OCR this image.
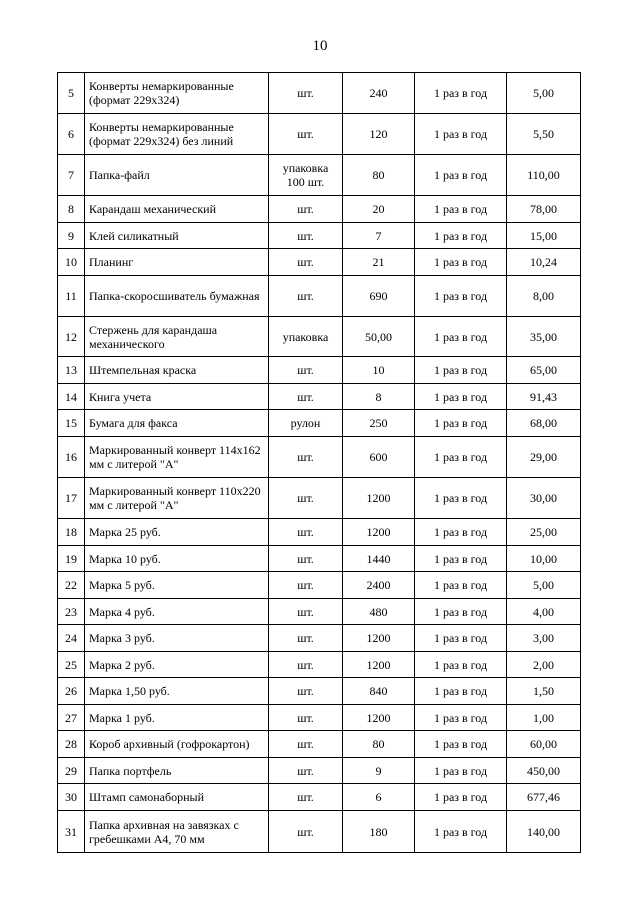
10
5	Конверты немаркированные (формат 229х324)	шт.	240	1 раз в год	5,00
6	Конверты немаркированные (формат 229х324) без линий	шт.	120	1 раз в год	5,50
7	Папка-файл	упаковка 100 шт.	80	1 раз в год	110,00
8	Карандаш механический	шт.	20	1 раз в год	78,00
9	Клей силикатный	шт.	7	1 раз в год	15,00
10	Планинг	шт.	21	1 раз в год	10,24
11	Папка-скоросшиватель бумажная	шт.	690	1 раз в год	8,00
12	Стержень для карандаша механического	упаковка	50,00	1 раз в год	35,00
13	Штемпельная краска	шт.	10	1 раз в год	65,00
14	Книга учета	шт.	8	1 раз в год	91,43
15	Бумага для факса	рулон	250	1 раз в год	68,00
16	Маркированный конверт 114х162 мм с литерой "А"	шт.	600	1 раз в год	29,00
17	Маркированный конверт 110х220 мм с литерой "А"	шт.	1200	1 раз в год	30,00
18	Марка 25 руб.	шт.	1200	1 раз в год	25,00
19	Марка 10 руб.	шт.	1440	1 раз в год	10,00
22	Марка 5 руб.	шт.	2400	1 раз в год	5,00
23	Марка 4 руб.	шт.	480	1 раз в год	4,00
24	Марка 3 руб.	шт.	1200	1 раз в год	3,00
25	Марка 2 руб.	шт.	1200	1 раз в год	2,00
26	Марка 1,50 руб.	шт.	840	1 раз в год	1,50
27	Марка 1 руб.	шт.	1200	1 раз в год	1,00
28	Короб архивный (гофрокартон)	шт.	80	1 раз в год	60,00
29	Папка портфель	шт.	9	1 раз в год	450,00
30	Штамп самонаборный	шт.	6	1 раз в год	677,46
31	Папка архивная на завязках с гребешками А4, 70 мм	шт.	180	1 раз в год	140,00
